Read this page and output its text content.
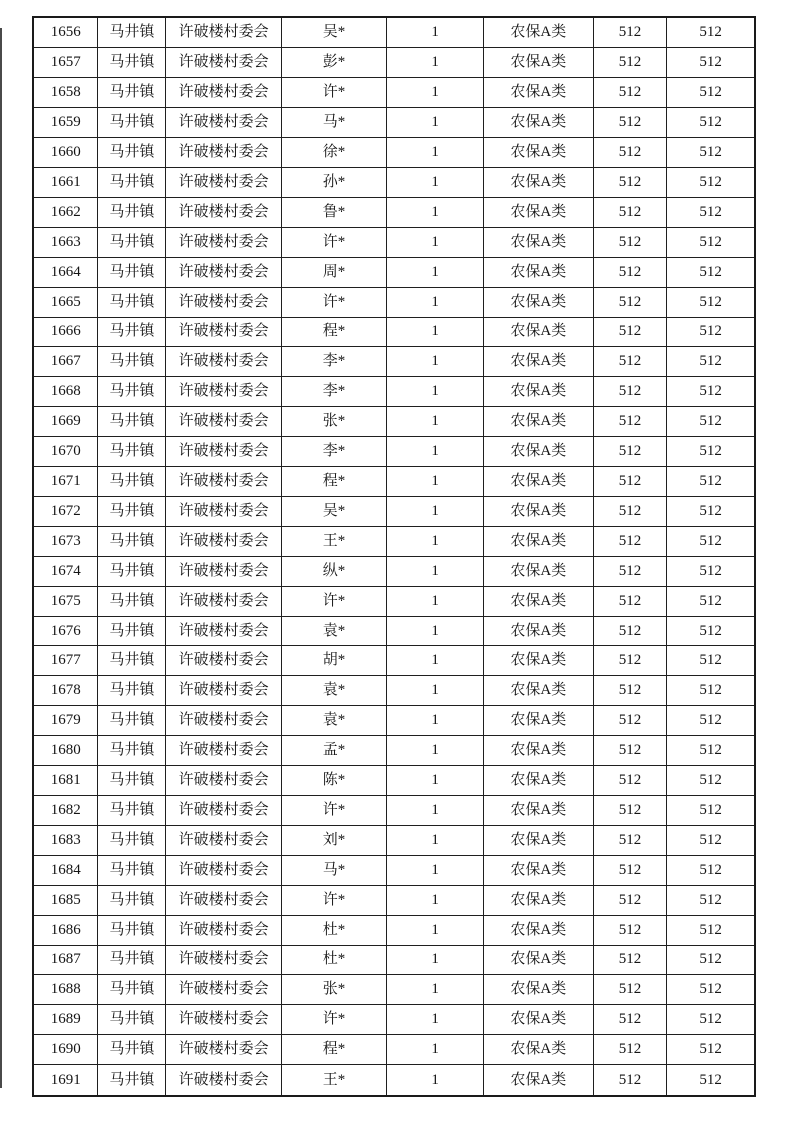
1656	马井镇	许破楼村委会	吴*	1	农保A类	512	512
1657	马井镇	许破楼村委会	彭*	1	农保A类	512	512
1658	马井镇	许破楼村委会	许*	1	农保A类	512	512
1659	马井镇	许破楼村委会	马*	1	农保A类	512	512
1660	马井镇	许破楼村委会	徐*	1	农保A类	512	512
1661	马井镇	许破楼村委会	孙*	1	农保A类	512	512
1662	马井镇	许破楼村委会	鲁*	1	农保A类	512	512
1663	马井镇	许破楼村委会	许*	1	农保A类	512	512
1664	马井镇	许破楼村委会	周*	1	农保A类	512	512
1665	马井镇	许破楼村委会	许*	1	农保A类	512	512
1666	马井镇	许破楼村委会	程*	1	农保A类	512	512
1667	马井镇	许破楼村委会	李*	1	农保A类	512	512
1668	马井镇	许破楼村委会	李*	1	农保A类	512	512
1669	马井镇	许破楼村委会	张*	1	农保A类	512	512
1670	马井镇	许破楼村委会	李*	1	农保A类	512	512
1671	马井镇	许破楼村委会	程*	1	农保A类	512	512
1672	马井镇	许破楼村委会	吴*	1	农保A类	512	512
1673	马井镇	许破楼村委会	王*	1	农保A类	512	512
1674	马井镇	许破楼村委会	纵*	1	农保A类	512	512
1675	马井镇	许破楼村委会	许*	1	农保A类	512	512
1676	马井镇	许破楼村委会	袁*	1	农保A类	512	512
1677	马井镇	许破楼村委会	胡*	1	农保A类	512	512
1678	马井镇	许破楼村委会	袁*	1	农保A类	512	512
1679	马井镇	许破楼村委会	袁*	1	农保A类	512	512
1680	马井镇	许破楼村委会	孟*	1	农保A类	512	512
1681	马井镇	许破楼村委会	陈*	1	农保A类	512	512
1682	马井镇	许破楼村委会	许*	1	农保A类	512	512
1683	马井镇	许破楼村委会	刘*	1	农保A类	512	512
1684	马井镇	许破楼村委会	马*	1	农保A类	512	512
1685	马井镇	许破楼村委会	许*	1	农保A类	512	512
1686	马井镇	许破楼村委会	杜*	1	农保A类	512	512
1687	马井镇	许破楼村委会	杜*	1	农保A类	512	512
1688	马井镇	许破楼村委会	张*	1	农保A类	512	512
1689	马井镇	许破楼村委会	许*	1	农保A类	512	512
1690	马井镇	许破楼村委会	程*	1	农保A类	512	512
1691	马井镇	许破楼村委会	王*	1	农保A类	512	512
